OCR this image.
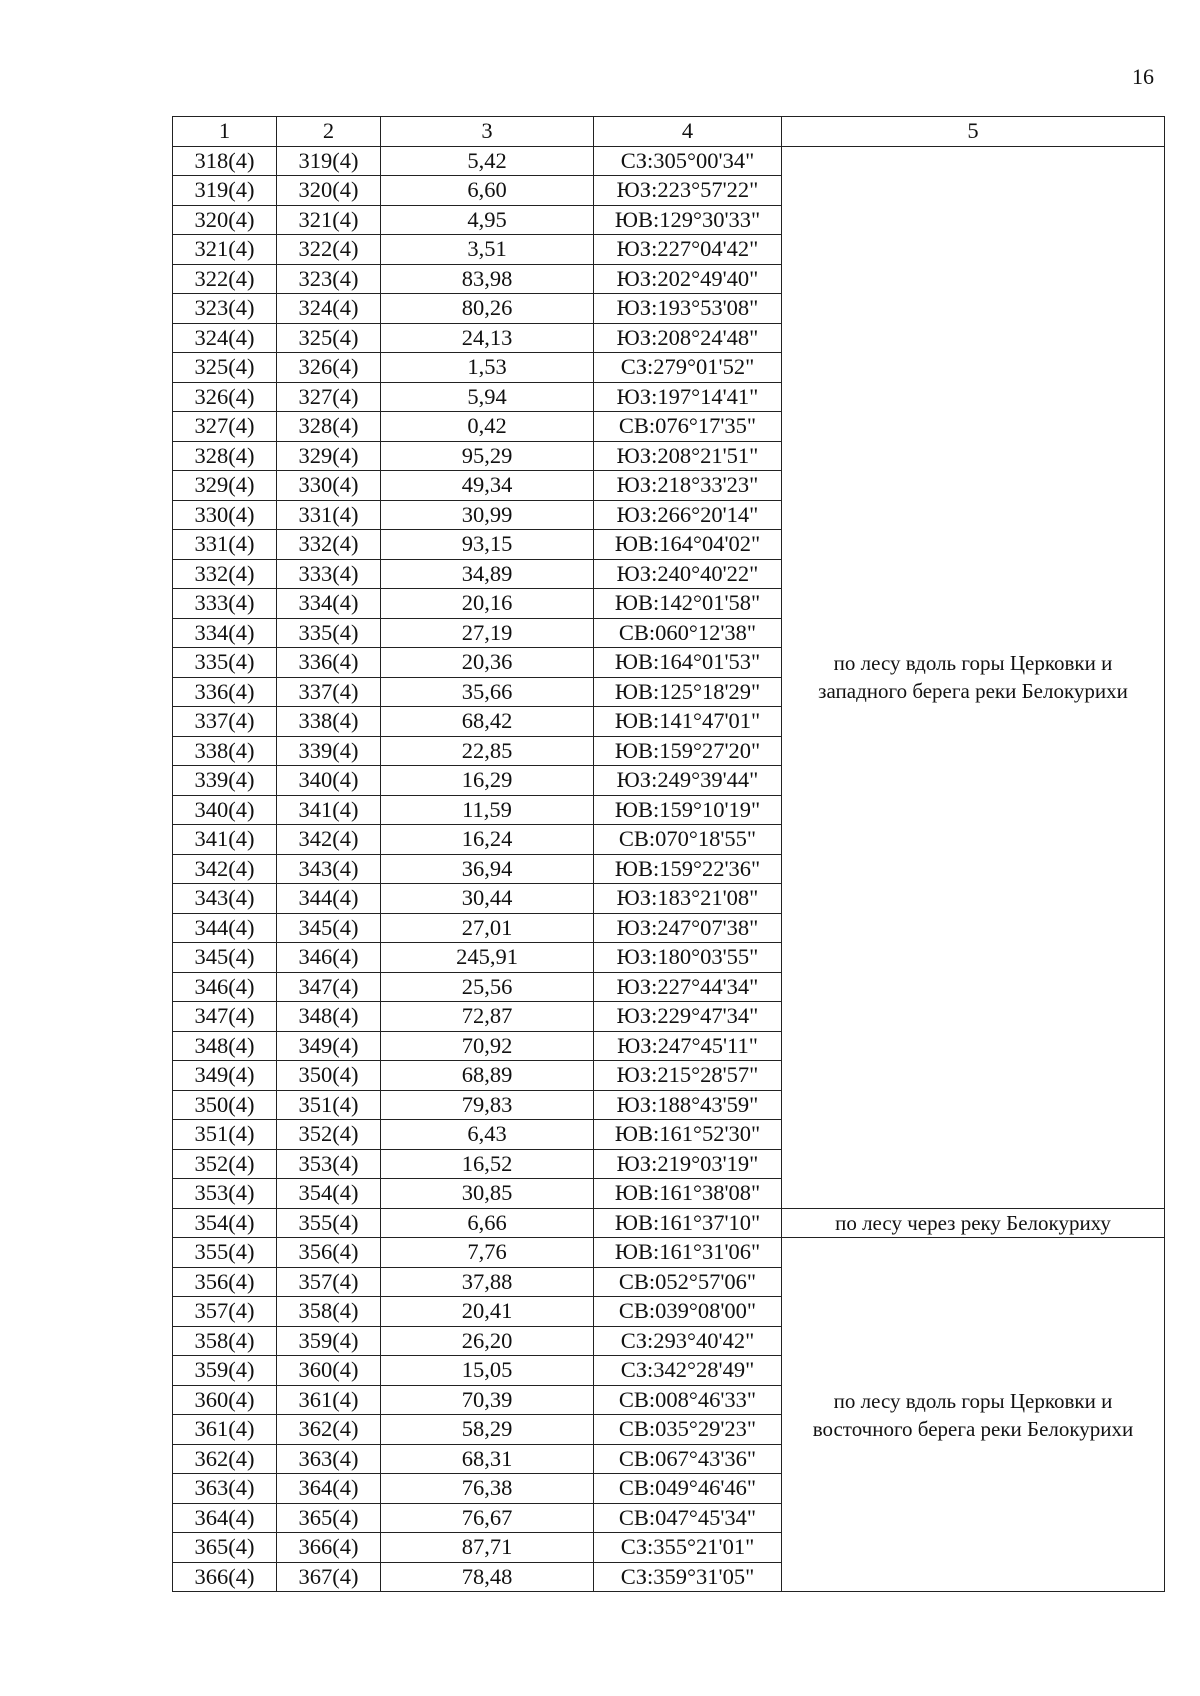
16
1	2	3	4	5
318(4)	319(4)	5,42	СЗ:305°00'34"	по лесу вдоль горы Церковки и западного берега реки Белокурихи
319(4)	320(4)	6,60	ЮЗ:223°57'22"	
320(4)	321(4)	4,95	ЮВ:129°30'33"	
321(4)	322(4)	3,51	ЮЗ:227°04'42"	
322(4)	323(4)	83,98	ЮЗ:202°49'40"	
323(4)	324(4)	80,26	ЮЗ:193°53'08"	
324(4)	325(4)	24,13	ЮЗ:208°24'48"	
325(4)	326(4)	1,53	СЗ:279°01'52"	
326(4)	327(4)	5,94	ЮЗ:197°14'41"	
327(4)	328(4)	0,42	СВ:076°17'35"	
328(4)	329(4)	95,29	ЮЗ:208°21'51"	
329(4)	330(4)	49,34	ЮЗ:218°33'23"	
330(4)	331(4)	30,99	ЮЗ:266°20'14"	
331(4)	332(4)	93,15	ЮВ:164°04'02"	
332(4)	333(4)	34,89	ЮЗ:240°40'22"	
333(4)	334(4)	20,16	ЮВ:142°01'58"	
334(4)	335(4)	27,19	СВ:060°12'38"	
335(4)	336(4)	20,36	ЮВ:164°01'53"	
336(4)	337(4)	35,66	ЮВ:125°18'29"	
337(4)	338(4)	68,42	ЮВ:141°47'01"	
338(4)	339(4)	22,85	ЮВ:159°27'20"	
339(4)	340(4)	16,29	ЮЗ:249°39'44"	
340(4)	341(4)	11,59	ЮВ:159°10'19"	
341(4)	342(4)	16,24	СВ:070°18'55"	
342(4)	343(4)	36,94	ЮВ:159°22'36"	
343(4)	344(4)	30,44	ЮЗ:183°21'08"	
344(4)	345(4)	27,01	ЮЗ:247°07'38"	
345(4)	346(4)	245,91	ЮЗ:180°03'55"	
346(4)	347(4)	25,56	ЮЗ:227°44'34"	
347(4)	348(4)	72,87	ЮЗ:229°47'34"	
348(4)	349(4)	70,92	ЮЗ:247°45'11"	
349(4)	350(4)	68,89	ЮЗ:215°28'57"	
350(4)	351(4)	79,83	ЮЗ:188°43'59"	
351(4)	352(4)	6,43	ЮВ:161°52'30"	
352(4)	353(4)	16,52	ЮЗ:219°03'19"	
353(4)	354(4)	30,85	ЮВ:161°38'08"	
354(4)	355(4)	6,66	ЮВ:161°37'10"	по лесу через реку Белокуриху
355(4)	356(4)	7,76	ЮВ:161°31'06"	по лесу вдоль горы Церковки и восточного берега реки Белокурихи
356(4)	357(4)	37,88	СВ:052°57'06"	
357(4)	358(4)	20,41	СВ:039°08'00"	
358(4)	359(4)	26,20	СЗ:293°40'42"	
359(4)	360(4)	15,05	СЗ:342°28'49"	
360(4)	361(4)	70,39	СВ:008°46'33"	
361(4)	362(4)	58,29	СВ:035°29'23"	
362(4)	363(4)	68,31	СВ:067°43'36"	
363(4)	364(4)	76,38	СВ:049°46'46"	
364(4)	365(4)	76,67	СВ:047°45'34"	
365(4)	366(4)	87,71	СЗ:355°21'01"	
366(4)	367(4)	78,48	СЗ:359°31'05"	
